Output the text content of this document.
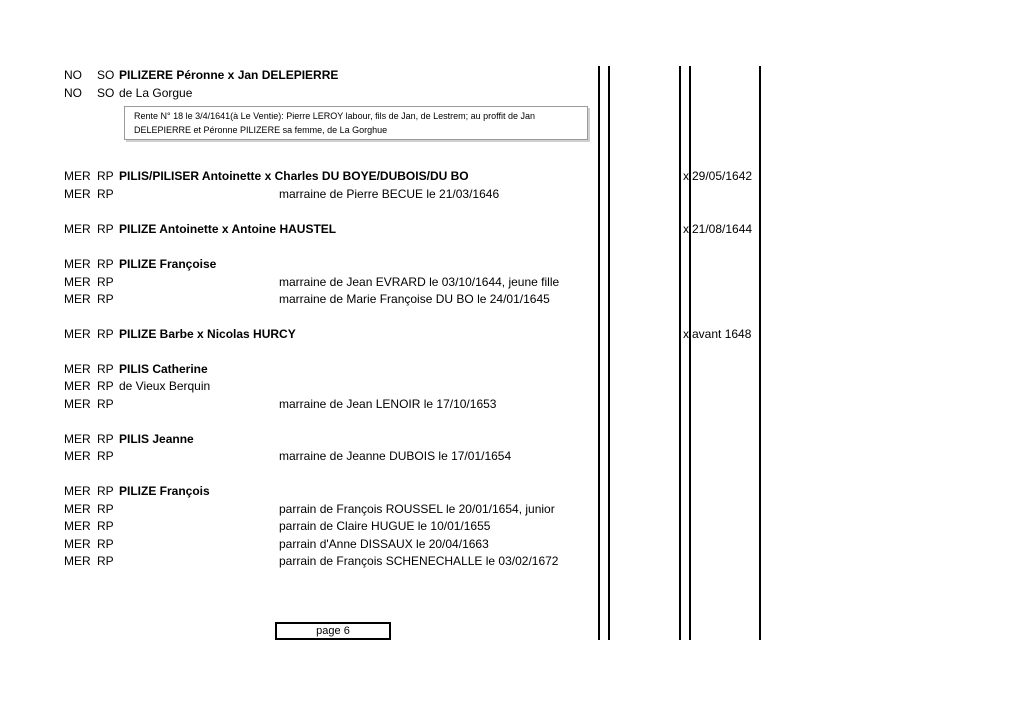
NO SO PILIZERE Péronne x Jan DELEPIERRE
NO SO de La Gorgue
Rente N° 18 le 3/4/1641(à Le Ventie): Pierre LEROY labour, fils de Jan, de Lestrem; au proffit de Jan DELEPIERRE et Péronne PILIZERE sa femme, de La Gorghue
MER RP PILIS/PILISER Antoinette x Charles DU BOYE/DUBOIS/DU BO	x 29/05/1642
MER RP	marraine de Pierre BECUE le 21/03/1646
MER RP PILIZE Antoinette x Antoine HAUSTEL	x 21/08/1644
MER RP PILIZE Françoise
MER RP	marraine de Jean EVRARD le 03/10/1644, jeune fille
MER RP	marraine de Marie Françoise DU BO le 24/01/1645
MER RP PILIZE Barbe x Nicolas HURCY	x avant 1648
MER RP PILIS Catherine
MER RP de Vieux Berquin
MER RP	marraine de Jean LENOIR le 17/10/1653
MER RP PILIS Jeanne
MER RP	marraine de Jeanne DUBOIS le 17/01/1654
MER RP PILIZE François
MER RP	parrain de François ROUSSEL le 20/01/1654, junior
MER RP	parrain de Claire HUGUE le 10/01/1655
MER RP	parrain d'Anne DISSAUX le 20/04/1663
MER RP	parrain de François SCHENECHALLE le 03/02/1672
page 6
